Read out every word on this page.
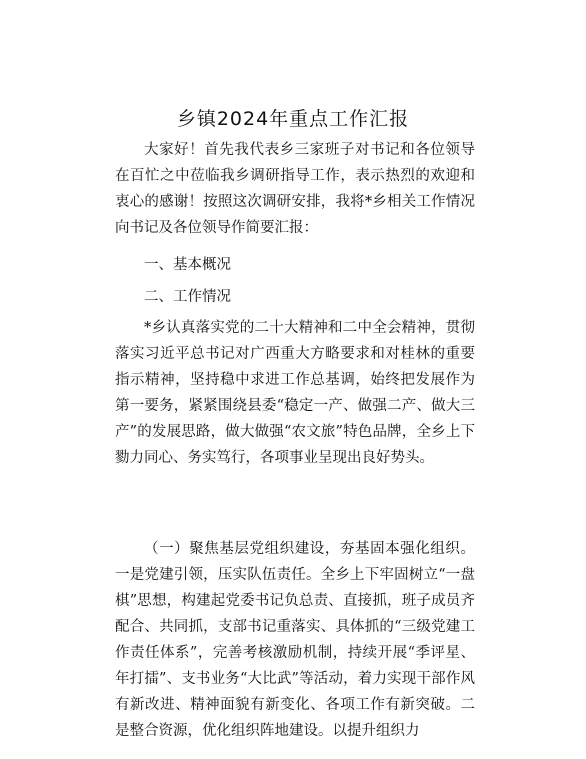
乡镇2024年重点工作汇报

大家好！首先我代表乡三家班子对书记和各位领导在百忙之中莅临我乡调研指导工作，表示热烈的欢迎和衷心的感谢！按照这次调研安排，我将*乡相关工作情况向书记及各位领导作简要汇报：

一、基本概况

二、工作情况

*乡认真落实党的二十大精神和二中全会精神，贯彻落实习近平总书记对广西重大方略要求和对桂林的重要指示精神，坚持稳中求进工作总基调，始终把发展作为第一要务，紧紧围绕县委“稳定一产、做强二产、做大三产”的发展思路，做大做强“农文旅”特色品牌，全乡上下勠力同心、务实笃行，各项事业呈现出良好势头。

（一）聚焦基层党组织建设，夯基固本强化组织。一是党建引领，压实队伍责任。全乡上下牢固树立“一盘棋”思想，构建起党委书记负总责、直接抓，班子成员齐配合、共同抓，支部书记重落实、具体抓的“三级党建工作责任体系”，完善考核激励机制，持续开展“季评星、年打擂”、支书业务“大比武”等活动，着力实现干部作风有新改进、精神面貌有新变化、各项工作有新突破。二是整合资源，优化组织阵地建设。以提升组织力
